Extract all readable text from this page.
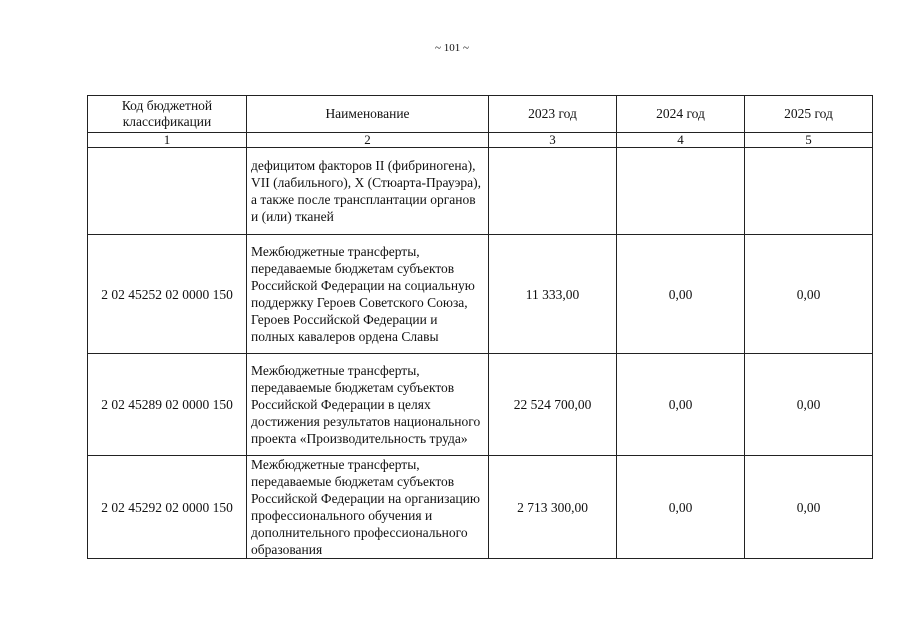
~ 101 ~
Код бюджетной классификации	Наименование	2023 год	2024 год	2025 год
1	2	3	4	5
	дефицитом факторов II (фибриногена), VII (лабильного), X (Стюарта-Прауэра), а также после трансплантации органов и (или) тканей			
2 02 45252 02 0000 150	Межбюджетные трансферты, передаваемые бюджетам субъектов Российской Федерации на социальную поддержку Героев Советского Союза, Героев Российской Федерации и полных кавалеров ордена Славы	11 333,00	0,00	0,00
2 02 45289 02 0000 150	Межбюджетные трансферты, передаваемые бюджетам субъектов Российской Федерации в целях достижения результатов национального проекта «Производительность труда»	22 524 700,00	0,00	0,00
2 02 45292 02 0000 150	Межбюджетные трансферты, передаваемые бюджетам субъектов Российской Федерации на организацию профессионального обучения и дополнительного профессионального образования	2 713 300,00	0,00	0,00
